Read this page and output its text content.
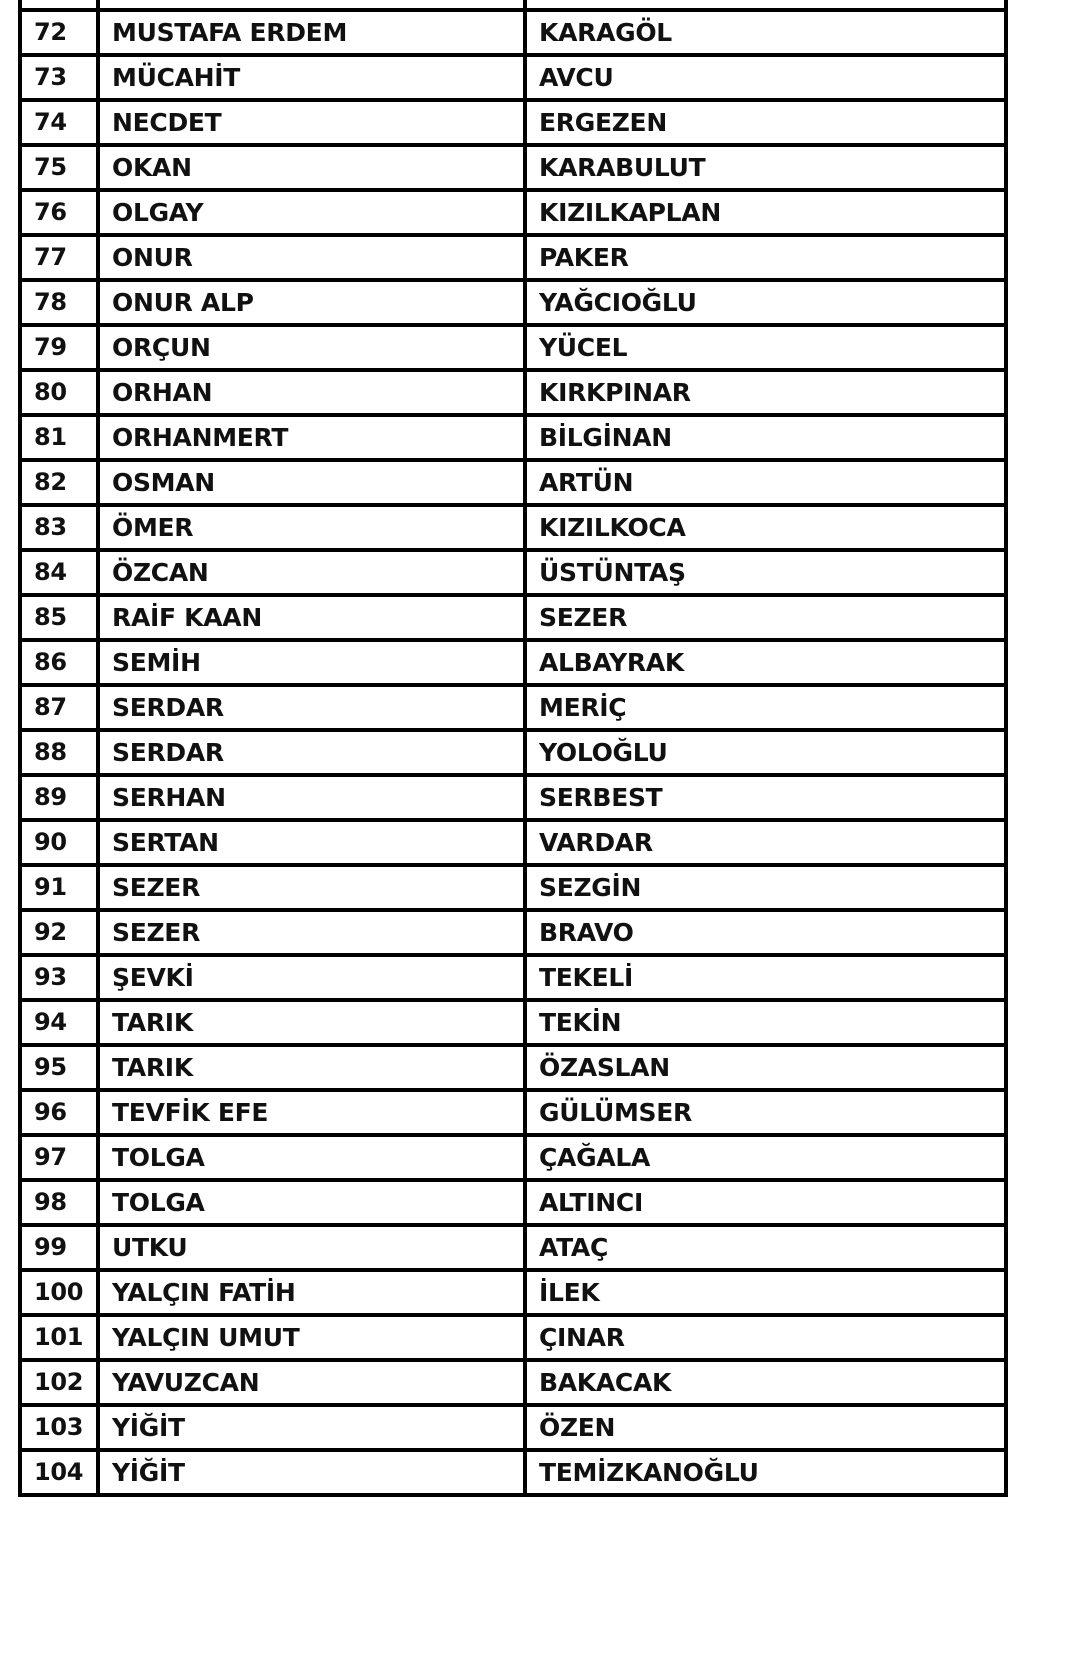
72	MUSTAFA ERDEM	KARAGÖL
73	MÜCAHİT	AVCU
74	NECDET	ERGEZEN
75	OKAN	KARABULUT
76	OLGAY	KIZILKAPLAN
77	ONUR	PAKER
78	ONUR ALP	YAĞCIOĞLU
79	ORÇUN	YÜCEL
80	ORHAN	KIRKPINAR
81	ORHANMERT	BİLGİNAN
82	OSMAN	ARTÜN
83	ÖMER	KIZILKOCA
84	ÖZCAN	ÜSTÜNTAŞ
85	RAİF KAAN	SEZER
86	SEMİH	ALBAYRAK
87	SERDAR	MERİÇ
88	SERDAR	YOLOĞLU
89	SERHAN	SERBEST
90	SERTAN	VARDAR
91	SEZER	SEZGİN
92	SEZER	BRAVO
93	ŞEVKİ	TEKELİ
94	TARIK	TEKİN
95	TARIK	ÖZASLAN
96	TEVFİK EFE	GÜLÜMSER
97	TOLGA	ÇAĞALA
98	TOLGA	ALTINCI
99	UTKU	ATAÇ
100	YALÇIN FATİH	İLEK
101	YALÇIN UMUT	ÇINAR
102	YAVUZCAN	BAKACAK
103	YİĞİT	ÖZEN
104	YİĞİT	TEMİZKANOĞLU
